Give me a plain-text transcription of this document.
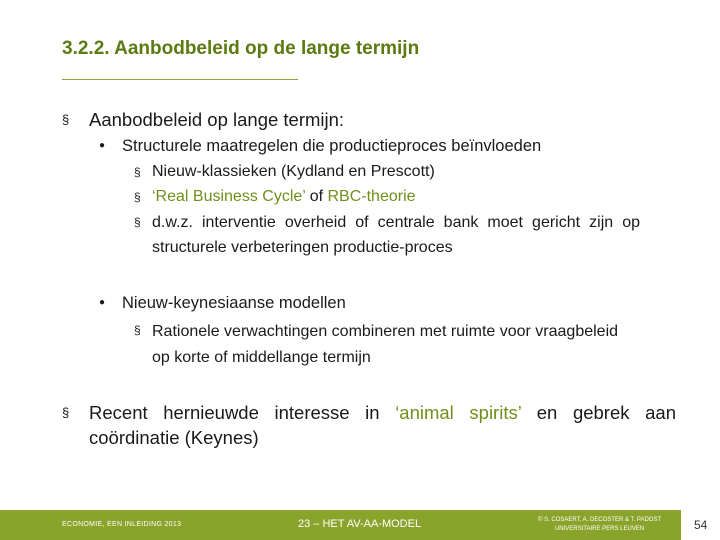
3.2.2. Aanbodbeleid op de lange termijn
§ Aanbodbeleid op lange termijn:
● Structurele maatregelen die productieproces beïnvloeden
§ Nieuw-klassieken (Kydland en Prescott)
§ ‘Real Business Cycle’ of RBC-theorie
§ d.w.z. interventie overheid of centrale bank moet gericht zijn op structurele verbeteringen productie-proces
● Nieuw-keynesiaanse modellen
§ Rationele verwachtingen combineren met ruimte voor vraagbeleid op korte of middellange termijn
§ Recent hernieuwde interesse in ‘animal spirits’ en gebrek aan coördinatie (Keynes)
ECONOMIE, EEN INLEIDING 2013	23 – HET AV-AA-MODEL	© S. COSAERT, A. DECOSTER & T. PADOST
UNIVERSITAIRE PERS LEUVEN	54
